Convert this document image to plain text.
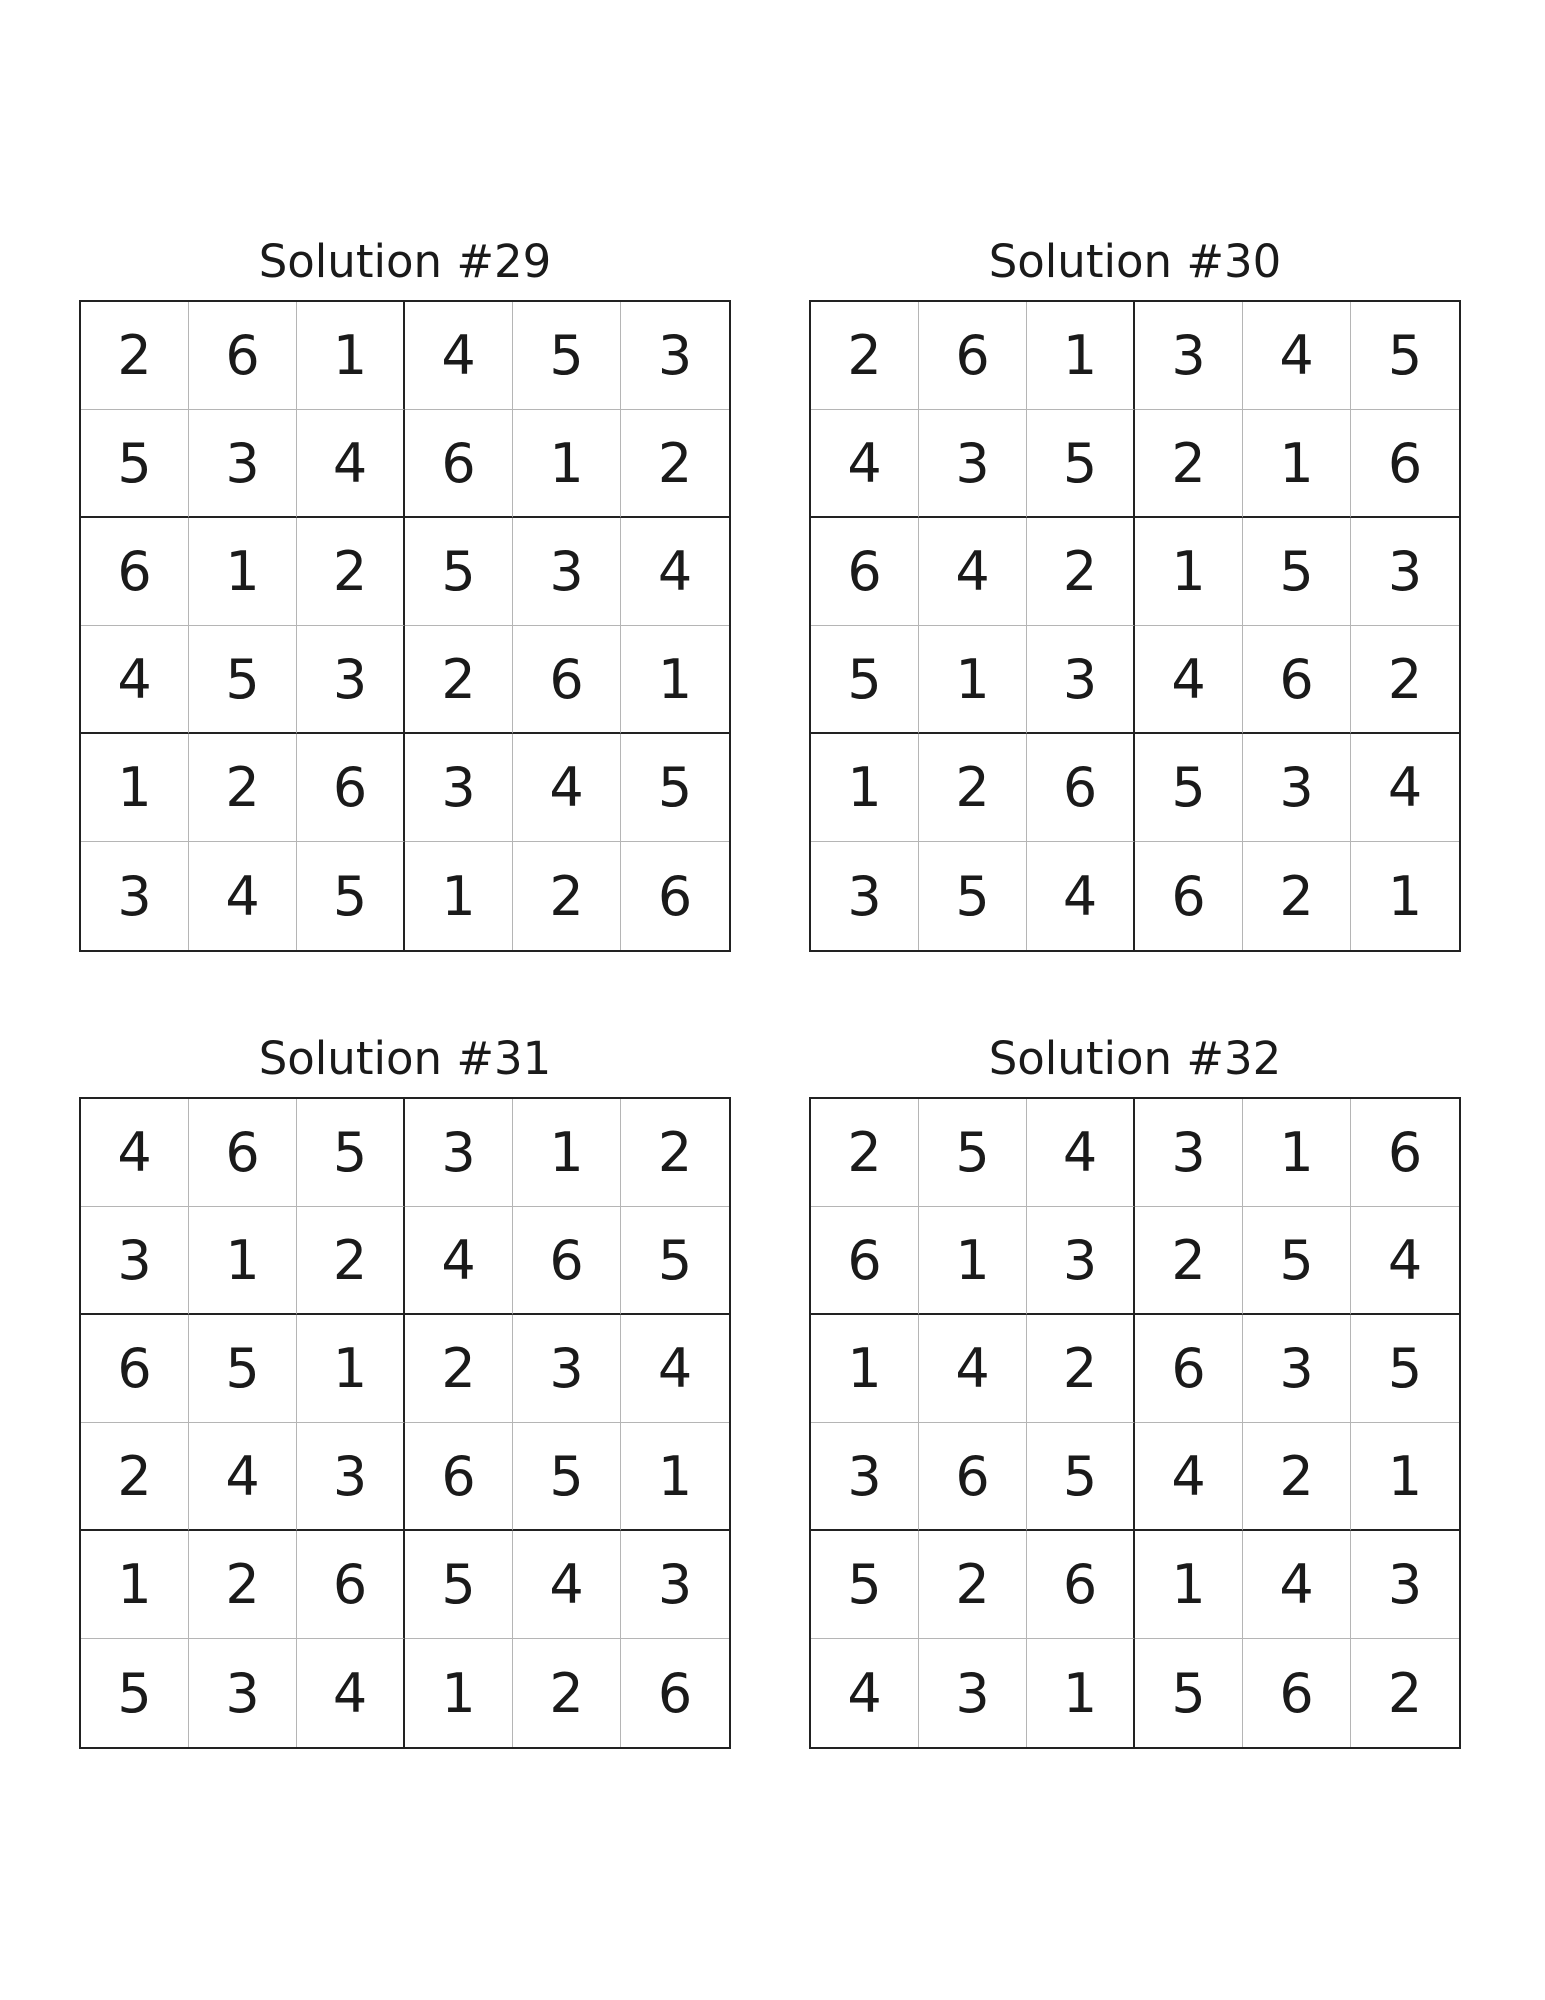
Solution #29
2	6	1	4	5	3
5	3	4	6	1	2
6	1	2	5	3	4
4	5	3	2	6	1
1	2	6	3	4	5
3	4	5	1	2	6
Solution #30
2	6	1	3	4	5
4	3	5	2	1	6
6	4	2	1	5	3
5	1	3	4	6	2
1	2	6	5	3	4
3	5	4	6	2	1
Solution #31
4	6	5	3	1	2
3	1	2	4	6	5
6	5	1	2	3	4
2	4	3	6	5	1
1	2	6	5	4	3
5	3	4	1	2	6
Solution #32
2	5	4	3	1	6
6	1	3	2	5	4
1	4	2	6	3	5
3	6	5	4	2	1
5	2	6	1	4	3
4	3	1	5	6	2
